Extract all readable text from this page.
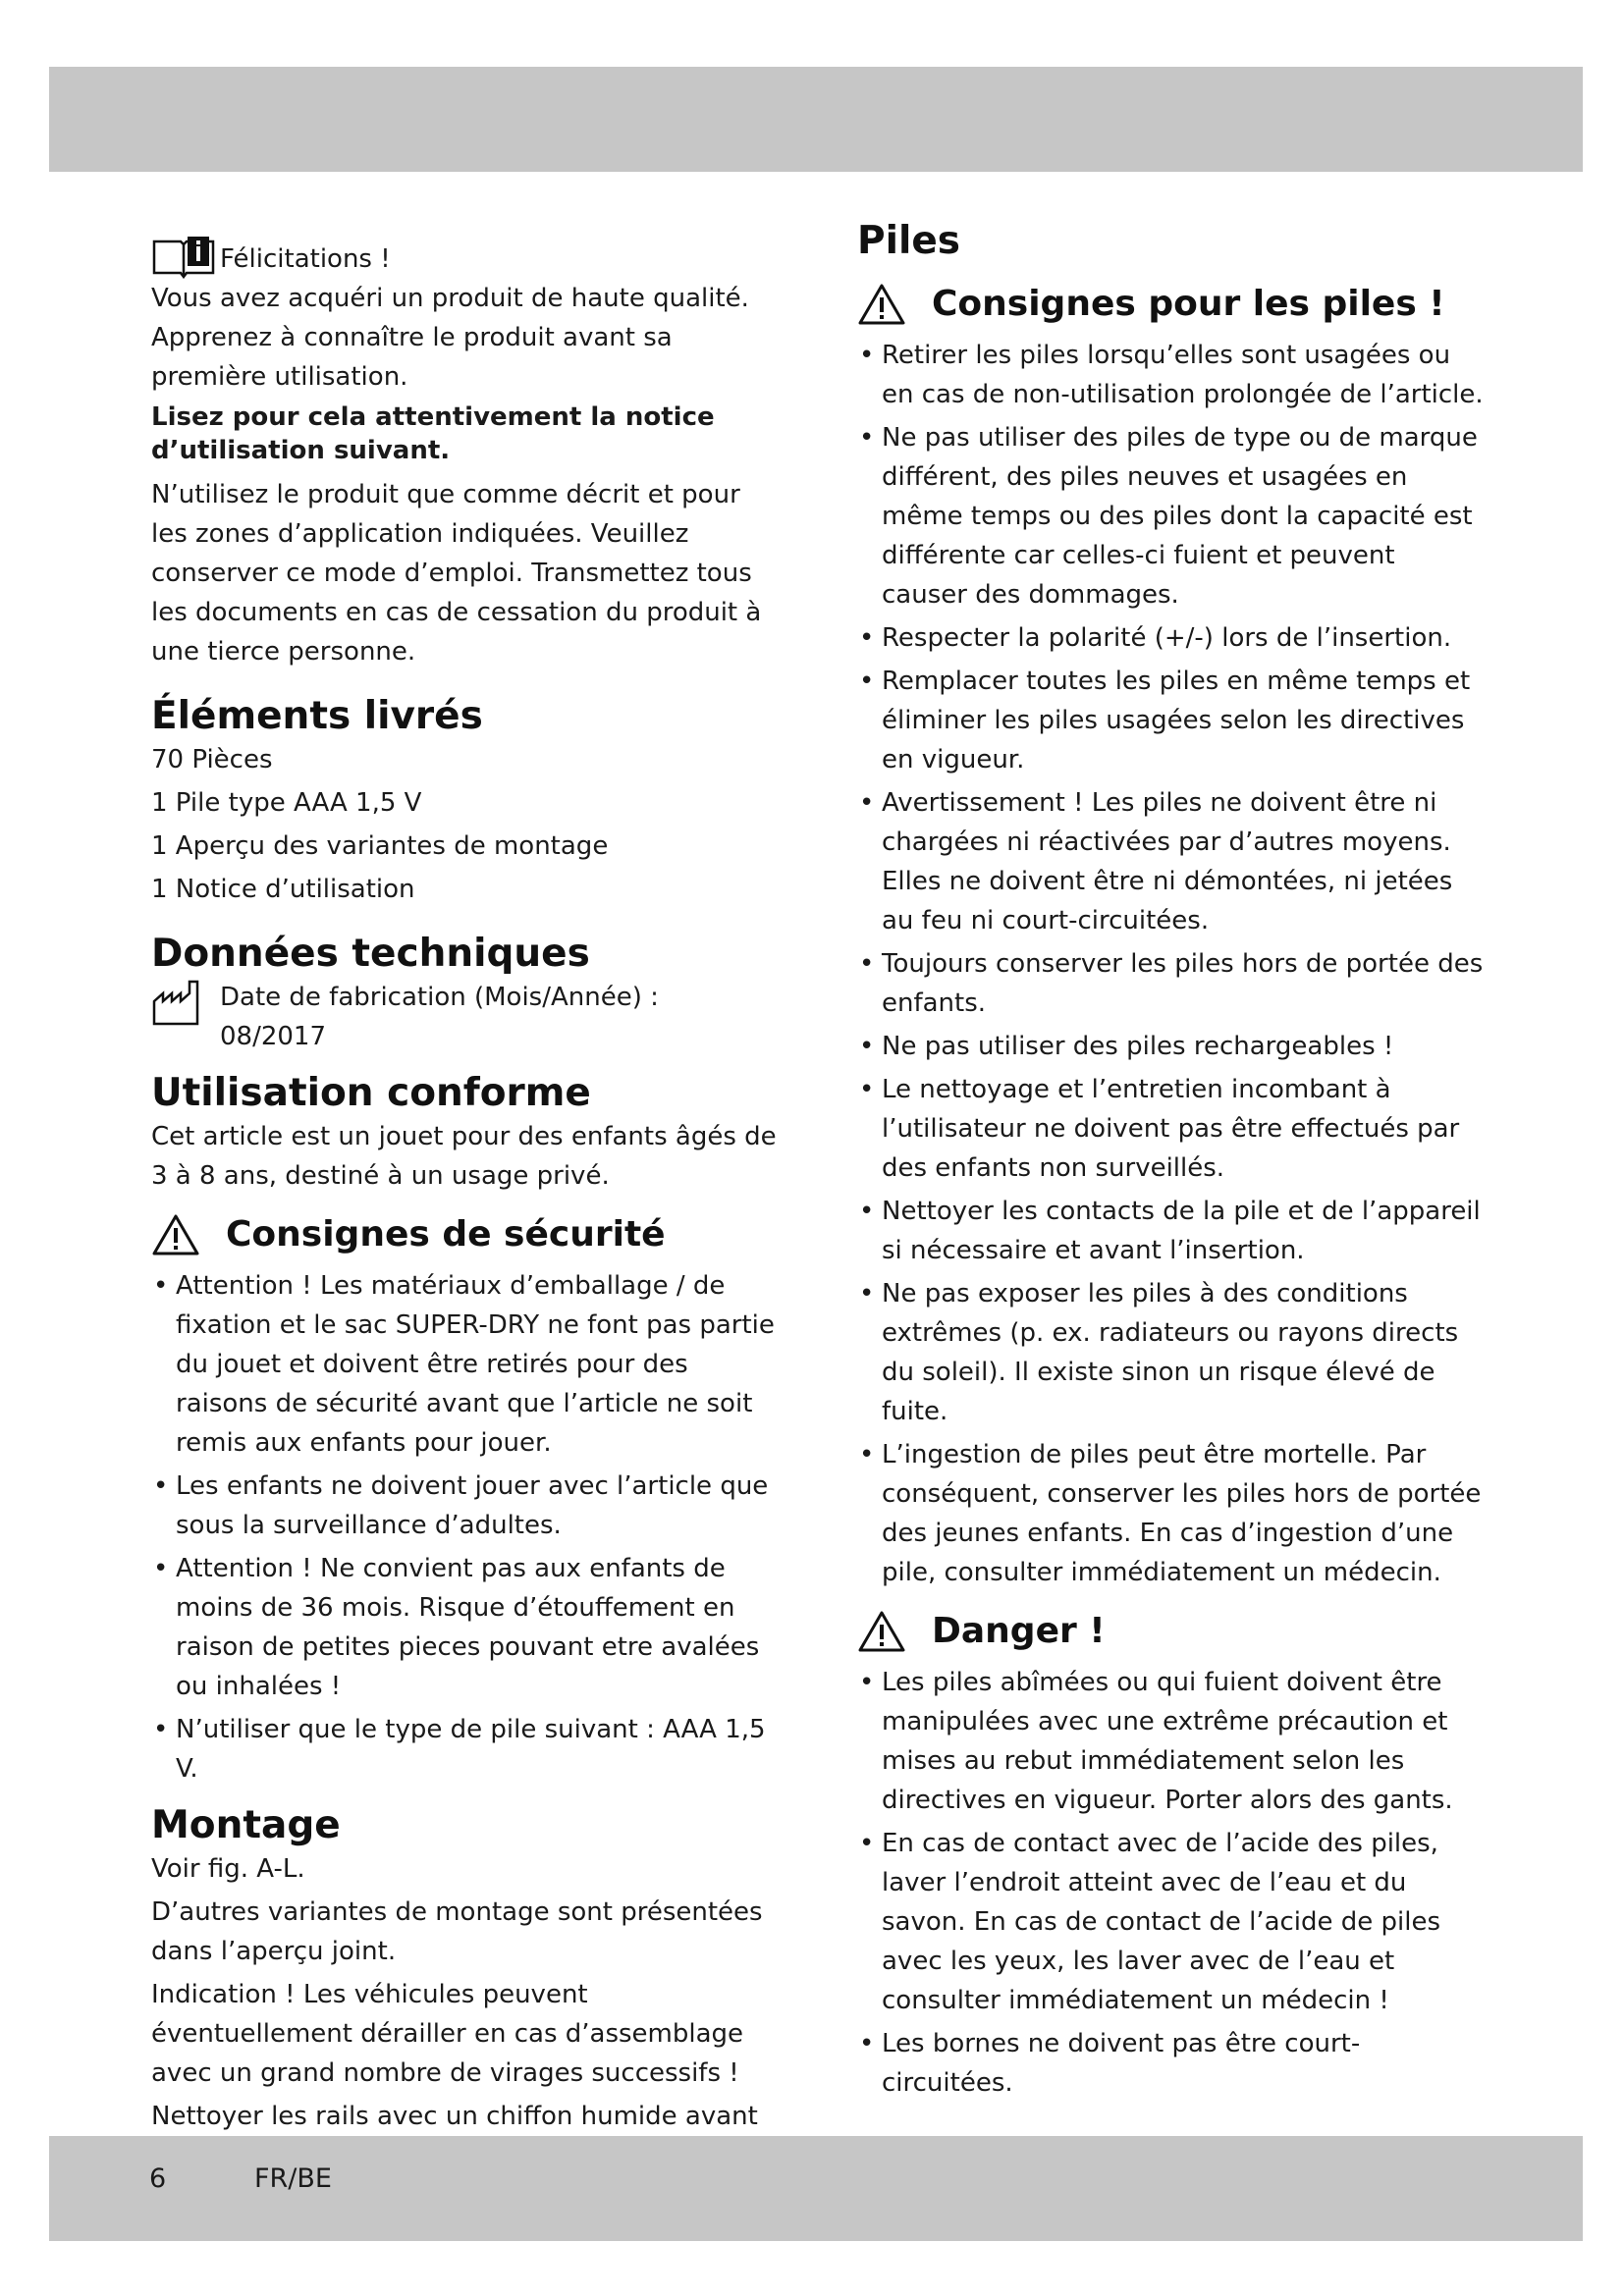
Félicitations !

Vous avez acquéri un produit de haute qualité. Apprenez à connaître le produit avant sa première utilisation.

Lisez pour cela attentivement la notice d’utilisation suivant.

N’utilisez le produit que comme décrit et pour les zones d’application indiquées. Veuillez conserver ce mode d’emploi. Transmettez tous les documents en cas de cessation du produit à une tierce personne.

Éléments livrés

70 Pièces

1 Pile type AAA 1,5 V

1 Aperçu des variantes de montage

1 Notice d’utilisation

Données techniques
Date de fabrication (Mois/Année) :
08/2017
Utilisation conforme

Cet article est un jouet pour des enfants âgés de 3 à 8 ans, destiné à un usage privé.

Consignes de sécurité
• Attention ! Les matériaux d’emballage / de fixation et le sac SUPER-DRY ne font pas partie du jouet et doivent être retirés pour des raisons de sécurité avant que l’article ne soit remis aux enfants pour jouer.
• Les enfants ne doivent jouer avec l’article que sous la surveillance d’adultes.
• Attention ! Ne convient pas aux enfants de moins de 36 mois. Risque d’étouffement en raison de petites pieces pouvant etre avalées ou inhalées !
• N’utiliser que le type de pile suivant : AAA 1,5 V.
Montage

Voir fig. A-L.

D’autres variantes de montage sont présentées dans l’aperçu joint.

Indication ! Les véhicules peuvent éventuellement dérailler en cas d’assemblage avec un grand nombre de virages successifs !

Nettoyer les rails avec un chiffon humide avant

Piles
Consignes pour les piles !
• Retirer les piles lorsqu’elles sont usagées ou en cas de non-utilisation prolongée de l’article.
• Ne pas utiliser des piles de type ou de marque différent, des piles neuves et usagées en même temps ou des piles dont la capacité est différente car celles-ci fuient et peuvent causer des dommages.
• Respecter la polarité (+/-) lors de l’insertion.
• Remplacer toutes les piles en même temps et éliminer les piles usagées selon les directives en vigueur.
• Avertissement ! Les piles ne doivent être ni chargées ni réactivées par d’autres moyens. Elles ne doivent être ni démontées, ni jetées au feu ni court-circuitées.
• Toujours conserver les piles hors de portée des enfants.
• Ne pas utiliser des piles rechargeables !
• Le nettoyage et l’entretien incombant à l’utilisateur ne doivent pas être effectués par des enfants non surveillés.
• Nettoyer les contacts de la pile et de l’appareil si nécessaire et avant l’insertion.
• Ne pas exposer les piles à des conditions extrêmes (p. ex. radiateurs ou rayons directs du soleil). Il existe sinon un risque élevé de fuite.
• L’ingestion de piles peut être mortelle. Par conséquent, conserver les piles hors de portée des jeunes enfants. En cas d’ingestion d’une pile, consulter immédiatement un médecin.
Danger !
• Les piles abîmées ou qui fuient doivent être manipulées avec une extrême précaution et mises au rebut immédiatement selon les directives en vigueur. Porter alors des gants.
• En cas de contact avec de l’acide des piles, laver l’endroit atteint avec de l’eau et du savon. En cas de contact de l’acide de piles avec les yeux, les laver avec de l’eau et consulter immédiatement un médecin !
• Les bornes ne doivent pas être court-circuitées.
6	FR/BE
